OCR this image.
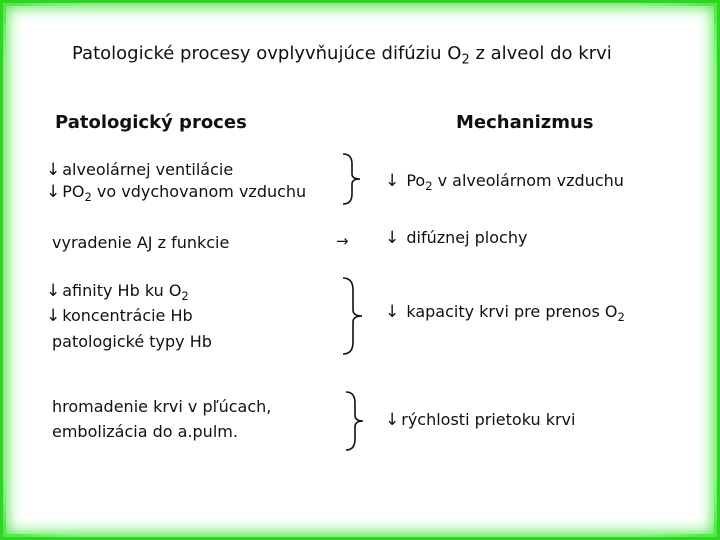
Patologické procesy ovplyvňujúce difúziu $O_2$ z alveol do krvi
Patologický proces	Mechanizmus
↓ alveolárnej ventilácie
↓ $PO_2$ vo vdychovanom vzduchu
↓ $Po_2$ v alveolárnom vzduchu
vyradenie AJ z funkcie	→ ↓ difúznej plochy
↓ afinity Hb ku $O_2$
↓ koncentrácie Hb
patologické typy Hb
↓ kapacity krvi pre prenos $O_2$
hromadenie krvi v pľúcach,
embolizácia do a.pulm.
↓ rýchlosti prietoku krvi
